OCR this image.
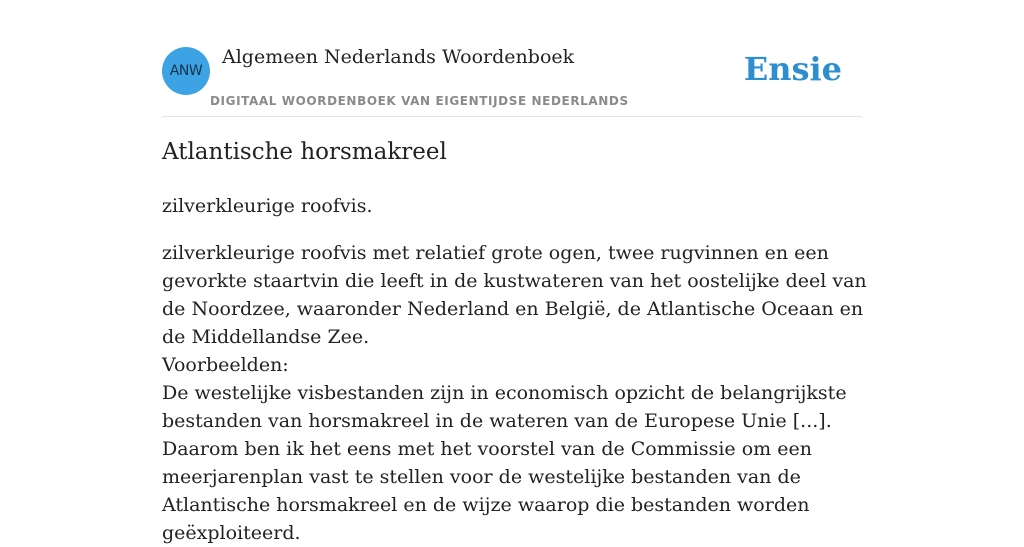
ANW
Algemeen Nederlands Woordenboek
DIGITAAL WOORDENBOEK VAN EIGENTIJDSE NEDERLANDS
Ensie
Atlantische horsmakreel
zilverkleurige roofvis.
zilverkleurige roofvis met relatief grote ogen, twee rugvinnen en een gevorkte staartvin die leeft in de kustwateren van het oostelijke deel van de Noordzee, waaronder Nederland en België, de Atlantische Oceaan en de Middellandse Zee.
Voorbeelden:
De westelijke visbestanden zijn in economisch opzicht de belangrijkste bestanden van horsmakreel in de wateren van de Europese Unie [...]. Daarom ben ik het eens met het voorstel van de Commissie om een meerjarenplan vast te stellen voor de westelijke bestanden van de Atlantische horsmakreel en de wijze waarop die bestanden worden geëxploiteerd.
